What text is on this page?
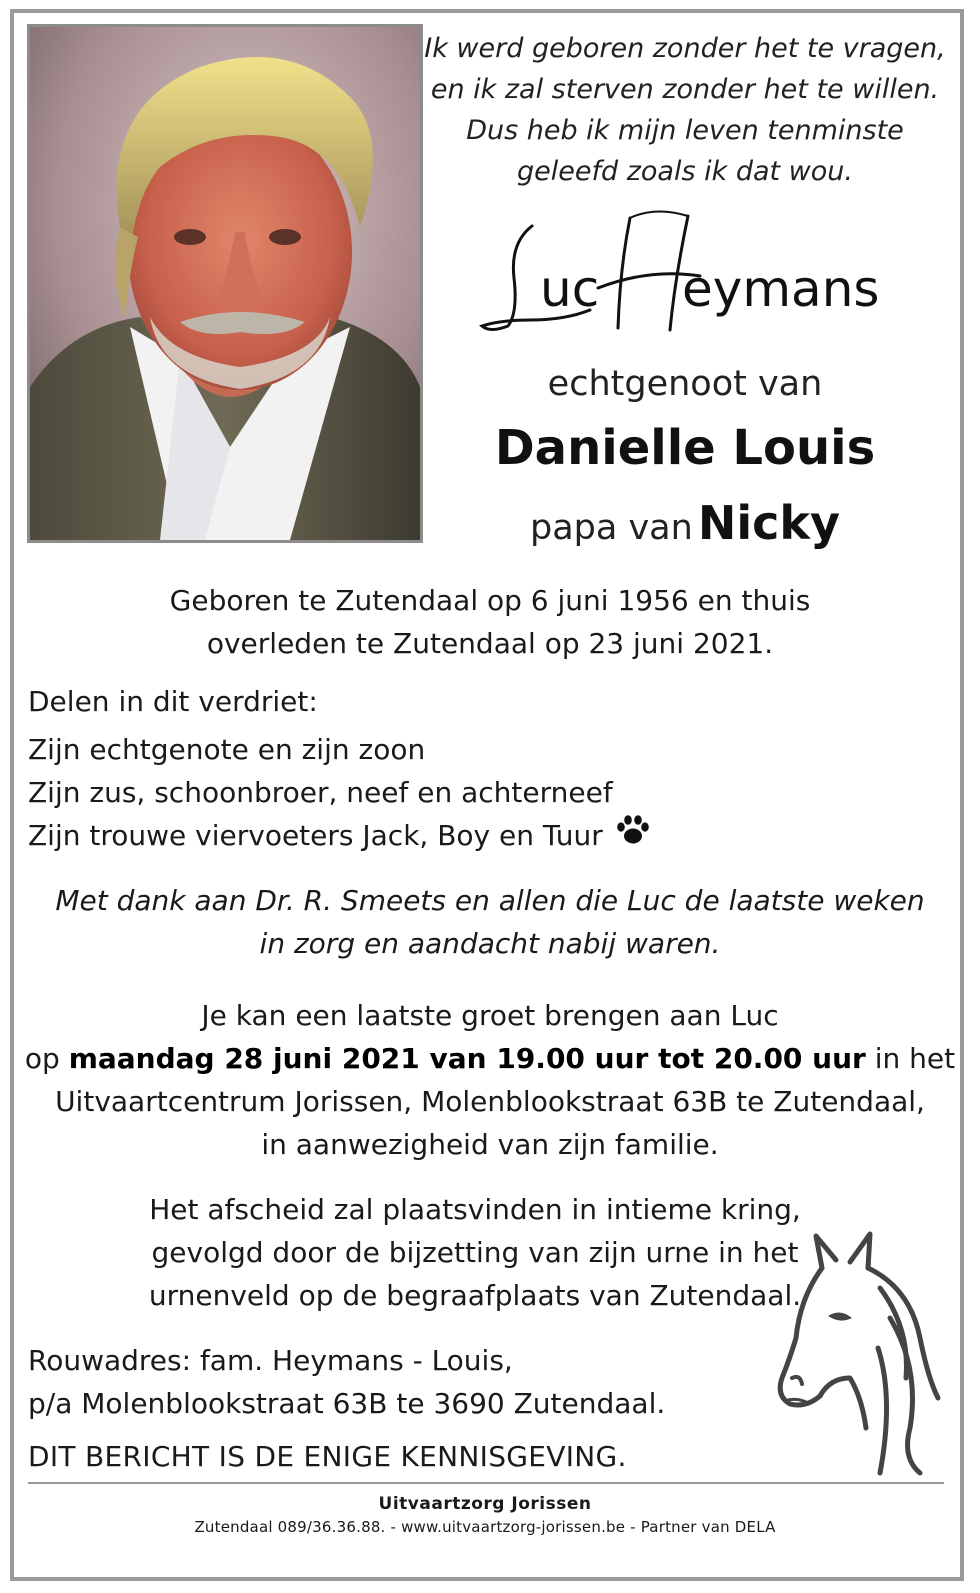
Ik werd geboren zonder het te vragen,
en ik zal sterven zonder het te willen.
Dus heb ik mijn leven tenminste
geleefd zoals ik dat wou.
uc eymans
echtgenoot van
Danielle Louis
papa van Nicky
Geboren te Zutendaal op 6 juni 1956 en thuis
overleden te Zutendaal op 23 juni 2021.
Delen in dit verdriet:
Zijn echtgenote en zijn zoon
Zijn zus, schoonbroer, neef en achterneef
Zijn trouwe viervoeters Jack, Boy en Tuur
Met dank aan Dr. R. Smeets en allen die Luc de laatste weken
in zorg en aandacht nabij waren.
Je kan een laatste groet brengen aan Luc
op maandag 28 juni 2021 van 19.00 uur tot 20.00 uur in het
Uitvaartcentrum Jorissen, Molenblookstraat 63B te Zutendaal,
in aanwezigheid van zijn familie.
Het afscheid zal plaatsvinden in intieme kring,
gevolgd door de bijzetting van zijn urne in het
urnenveld op de begraafplaats van Zutendaal.
Rouwadres: fam. Heymans - Louis,
p/a Molenblookstraat 63B te 3690 Zutendaal.
DIT BERICHT IS DE ENIGE KENNISGEVING.
Uitvaartzorg Jorissen
Zutendaal 089/36.36.88. - www.uitvaartzorg-jorissen.be - Partner van DELA
